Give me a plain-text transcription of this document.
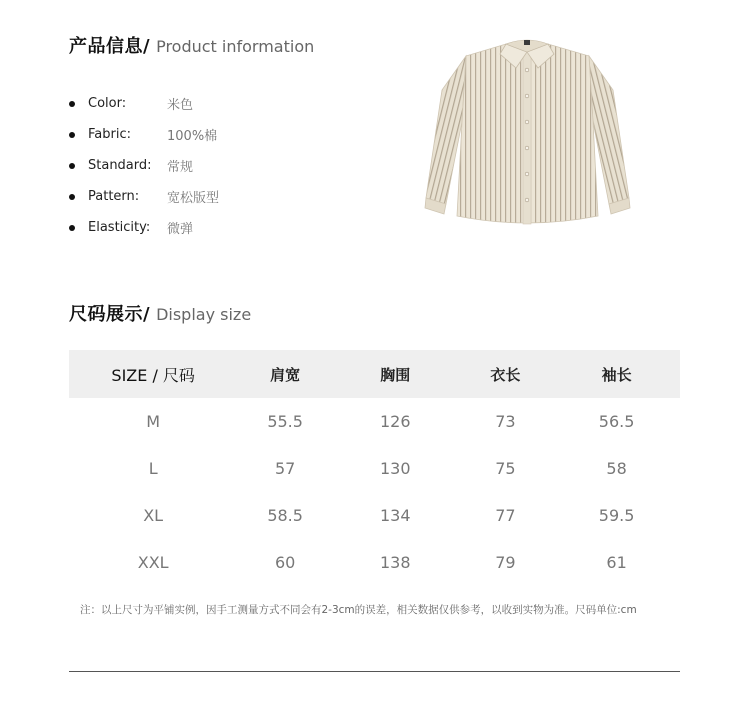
产品信息/ Product information
Color:	米色
Fabric:	100%棉
Standard:	常规
Pattern:	宽松版型
Elasticity:	微弹
尺码展示/ Display size
SIZE / 尺码	肩宽	胸围	衣长	袖长
M	55.5	126	73	56.5
L	57	130	75	58
XL	58.5	134	77	59.5
XXL	60	138	79	61
注：以上尺寸为平铺实例，因手工测量方式不同会有2-3cm的误差，相关数据仅供参考，以收到实物为准。尺码单位:cm
